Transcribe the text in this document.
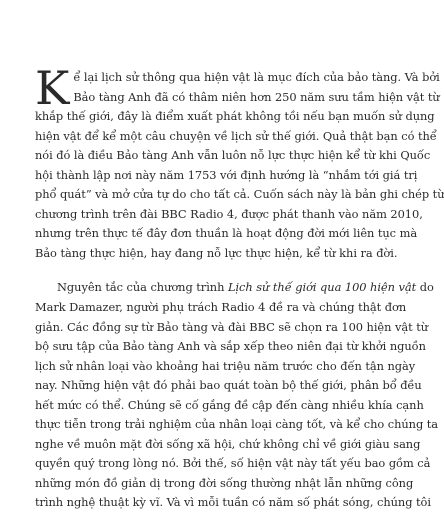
K ể lại lịch sử thông qua hiện vật là mục đích của bảo tàng. Và bởi
Bảo tàng Anh đã có thâm niên hơn 250 năm sưu tầm hiện vật từ
khắp thế giới, đây là điểm xuất phát không tồi nếu bạn muốn sử dụng
hiện vật để kể một câu chuyện về lịch sử thế giới. Quả thật bạn có thể
nói đó là điều Bảo tàng Anh vẫn luôn nỗ lực thực hiện kể từ khi Quốc
hội thành lập nơi này năm 1753 với định hướng là “nhắm tới giá trị
phổ quát” và mở cửa tự do cho tất cả. Cuốn sách này là bản ghi chép từ
chương trình trên đài BBC Radio 4, được phát thanh vào năm 2010,
nhưng trên thực tế đây đơn thuần là hoạt động đời mới liên tục mà
Bảo tàng thực hiện, hay đang nỗ lực thực hiện, kể từ khi ra đời.

Nguyên tắc của chương trình Lịch sử thế giới qua 100 hiện vật do
Mark Damazer, người phụ trách Radio 4 đề ra và chúng thật đơn
giản. Các đồng sự từ Bảo tàng và đài BBC sẽ chọn ra 100 hiện vật từ
bộ sưu tập của Bảo tàng Anh và sắp xếp theo niên đại từ khởi nguồn
lịch sử nhân loại vào khoảng hai triệu năm trước cho đến tận ngày
nay. Những hiện vật đó phải bao quát toàn bộ thế giới, phân bổ đều
hết mức có thể. Chúng sẽ cố gắng đề cập đến càng nhiều khía cạnh
thực tiễn trong trải nghiệm của nhân loại càng tốt, và kể cho chúng ta
nghe về muôn mặt đời sống xã hội, chứ không chỉ về giới giàu sang
quyền quý trong lòng nó. Bởi thế, số hiện vật này tất yếu bao gồm cả
những món đồ giản dị trong đời sống thường nhật lẫn những công
trình nghệ thuật kỳ vĩ. Và vì mỗi tuần có năm số phát sóng, chúng tôi
